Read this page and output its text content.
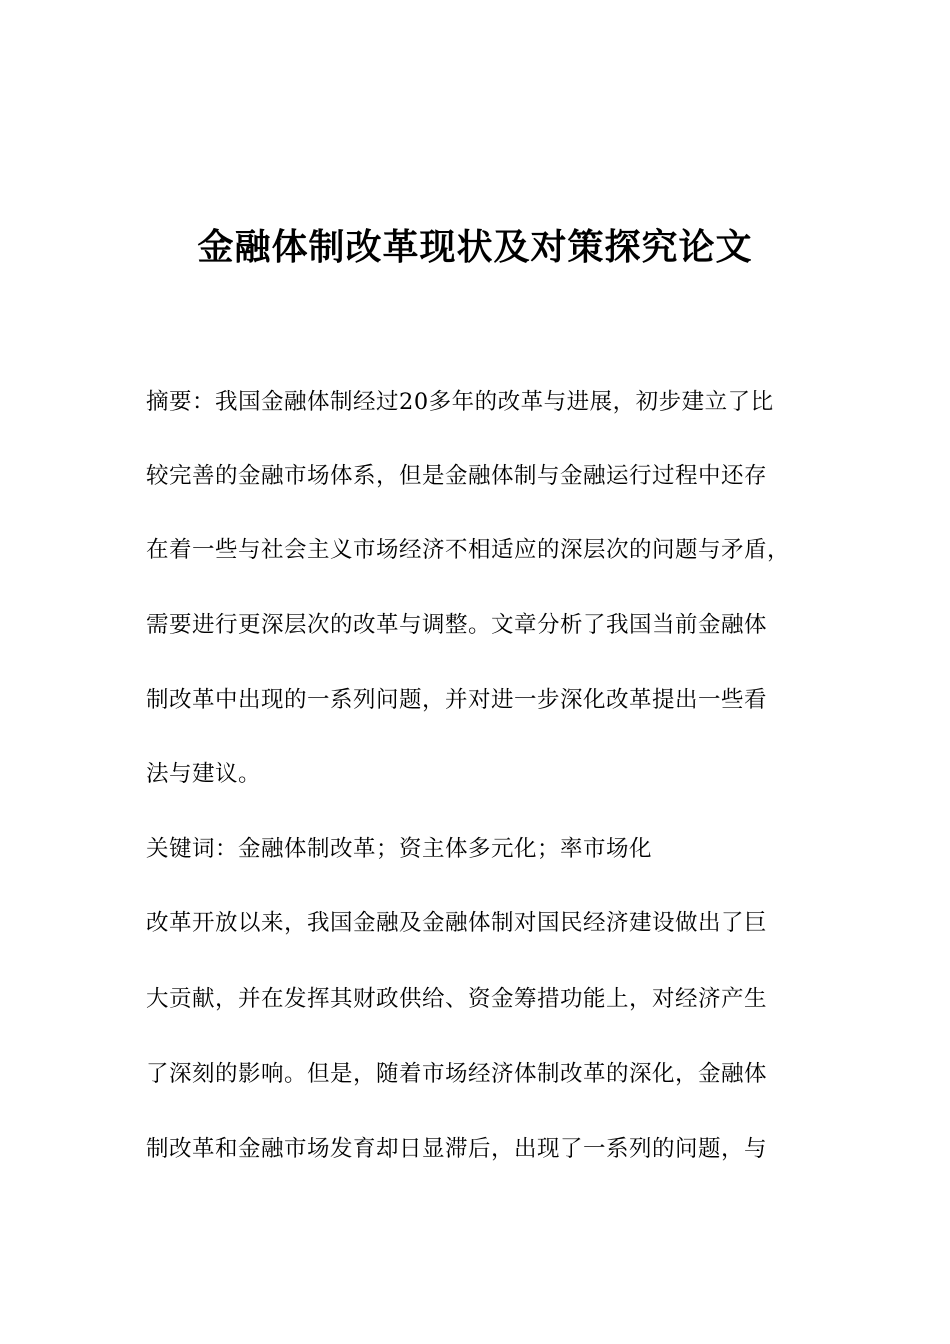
金融体制改革现状及对策探究论文
摘要：我国金融体制经过20多年的改革与进展，初步建立了比
较完善的金融市场体系，但是金融体制与金融运行过程中还存
在着一些与社会主义市场经济不相适应的深层次的问题与矛盾，
需要进行更深层次的改革与调整。文章分析了我国当前金融体
制改革中出现的一系列问题，并对进一步深化改革提出一些看
法与建议。
关键词：金融体制改革；资主体多元化；率市场化
改革开放以来，我国金融及金融体制对国民经济建设做出了巨
大贡献，并在发挥其财政供给、资金筹措功能上，对经济产生
了深刻的影响。但是，随着市场经济体制改革的深化，金融体
制改革和金融市场发育却日显滞后，出现了一系列的问题，与
